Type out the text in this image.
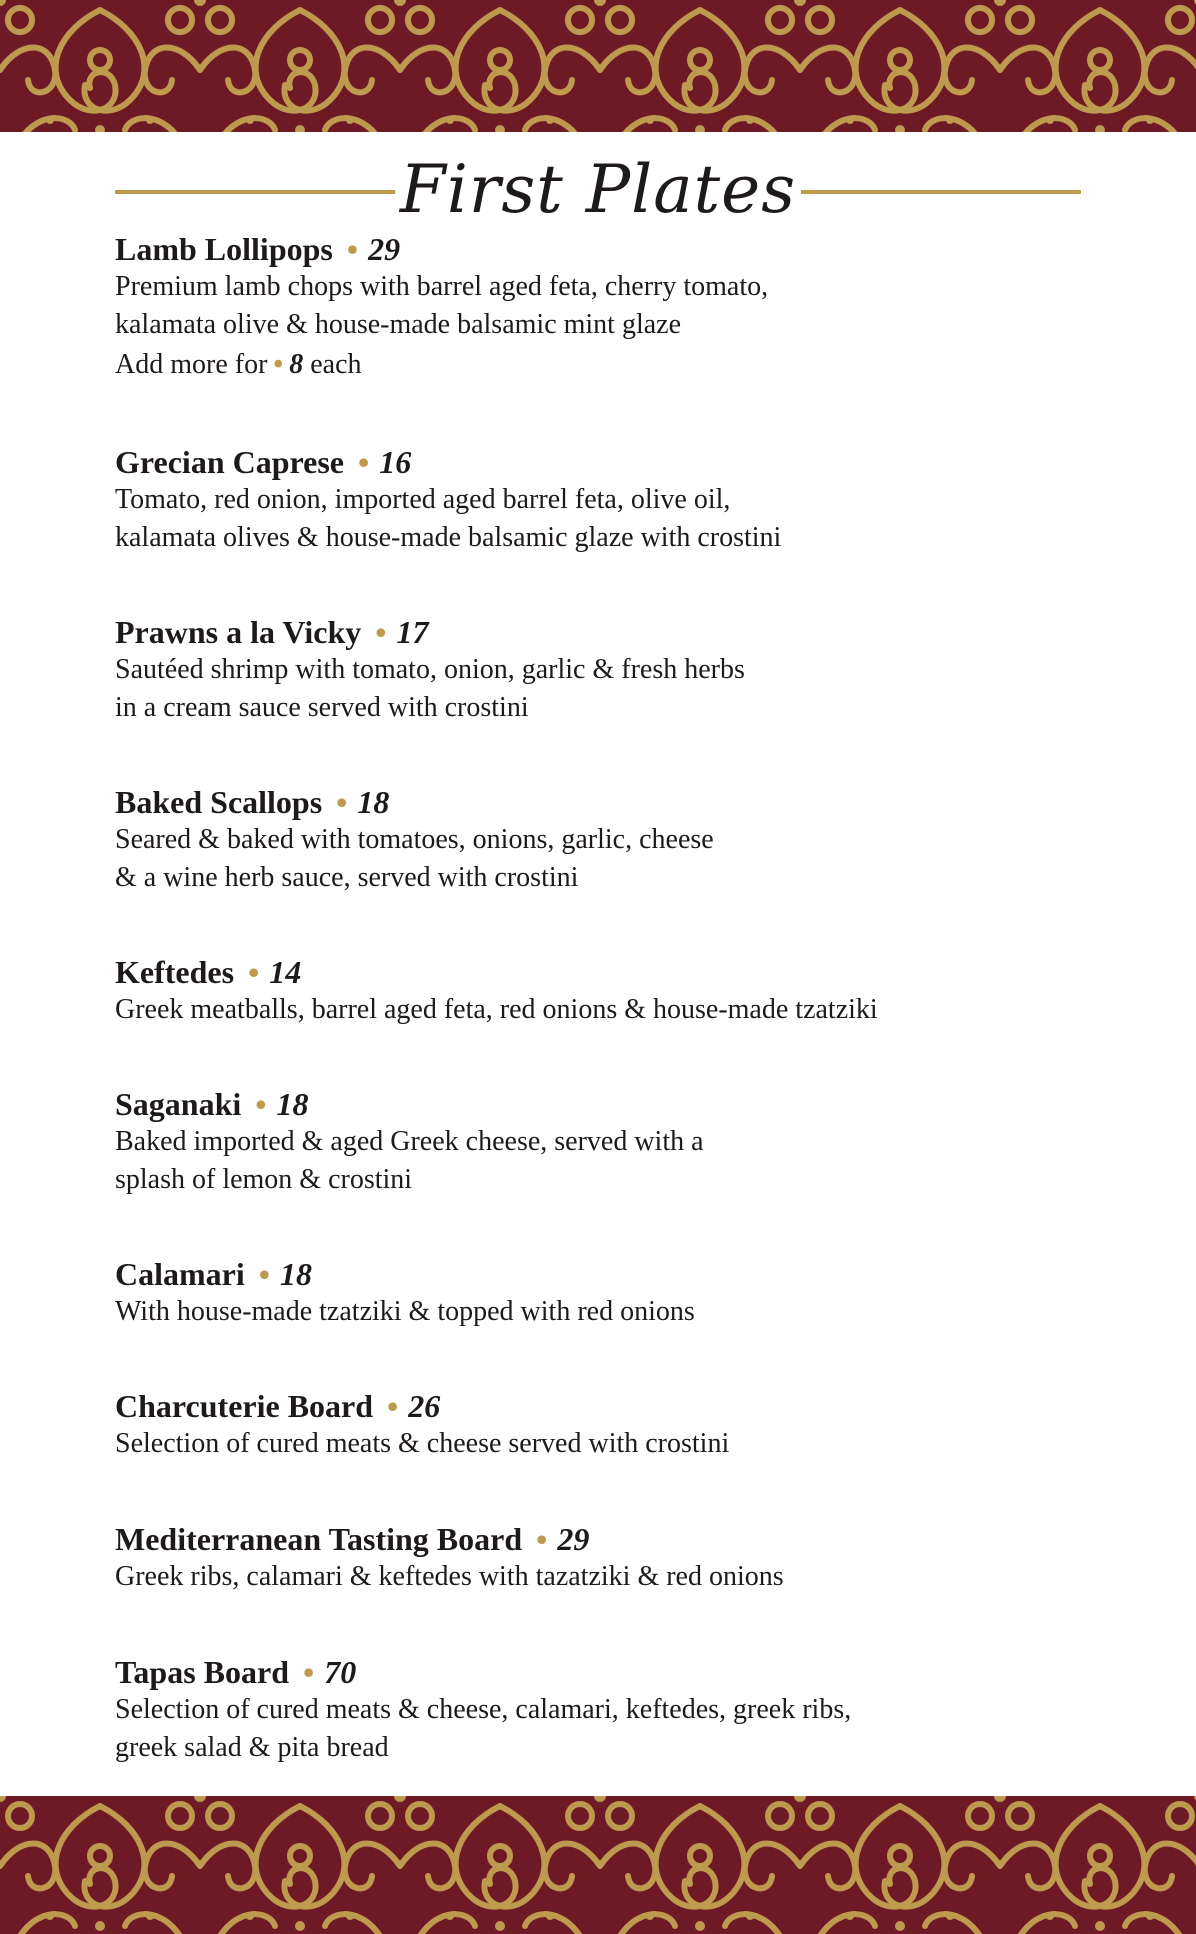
First Plates
Lamb Lollipops • 29
Premium lamb chops with barrel aged feta, cherry tomato,
kalamata olive & house-made balsamic mint glaze
Add more for • 8 each
Grecian Caprese • 16
Tomato, red onion, imported aged barrel feta, olive oil,
kalamata olives & house-made balsamic glaze with crostini
Prawns a la Vicky • 17
Sautéed shrimp with tomato, onion, garlic & fresh herbs
in a cream sauce served with crostini
Baked Scallops • 18
Seared & baked with tomatoes, onions, garlic, cheese
& a wine herb sauce, served with crostini
Keftedes • 14
Greek meatballs, barrel aged feta, red onions & house-made tzatziki
Saganaki • 18
Baked imported & aged Greek cheese, served with a
splash of lemon & crostini
Calamari • 18
With house-made tzatziki & topped with red onions
Charcuterie Board • 26
Selection of cured meats & cheese served with crostini
Mediterranean Tasting Board • 29
Greek ribs, calamari & keftedes with tazatziki & red onions
Tapas Board • 70
Selection of cured meats & cheese, calamari, keftedes, greek ribs,
greek salad & pita bread
